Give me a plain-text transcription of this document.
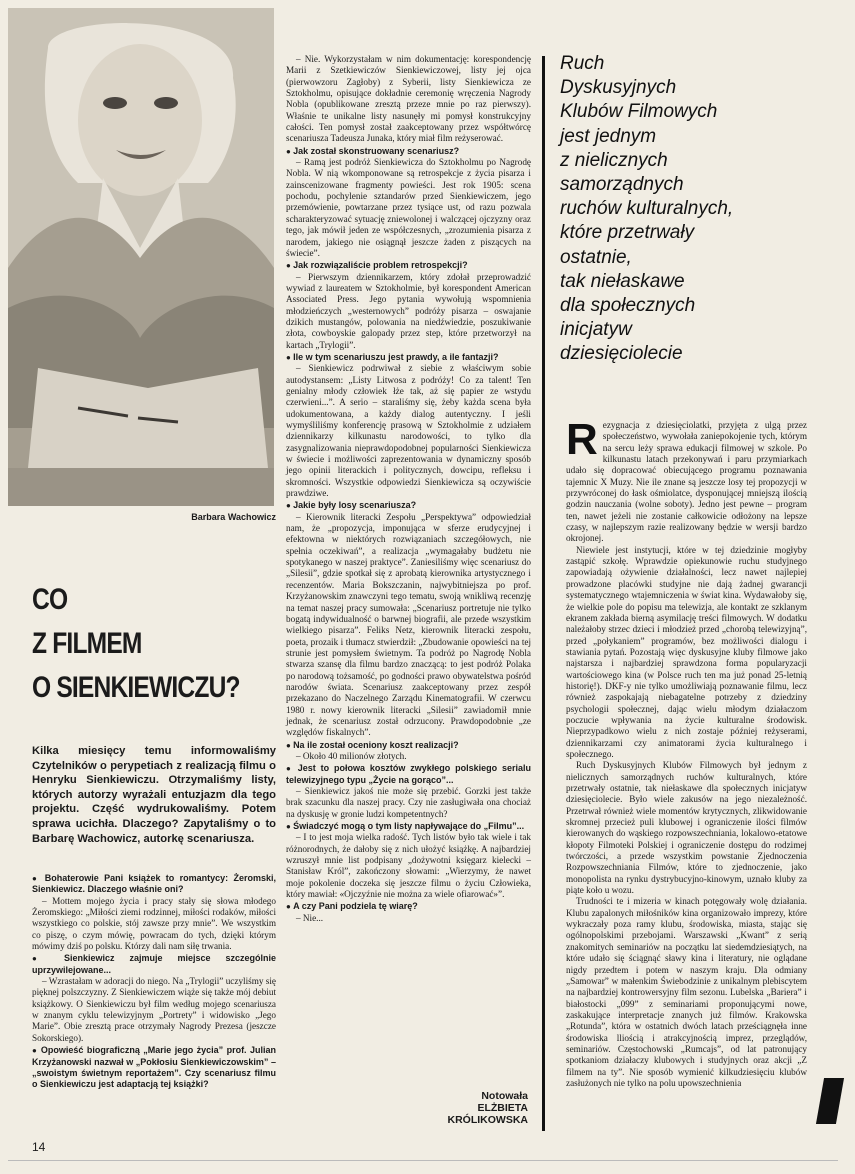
Barbara Wachowicz
CO
Z FILMEM
O SIENKIEWICZU?
Kilka miesięcy temu informowaliśmy Czytelników o perypetiach z realizacją filmu o Henryku Sienkiewiczu. Otrzymaliśmy listy, których autorzy wyrażali entuzjazm dla tego projektu. Część wydrukowaliśmy. Potem sprawa ucichła. Dlaczego? Zapytaliśmy o to Barbarę Wachowicz, autorkę scenariusza.

● Bohaterowie Pani książek to romantycy: Żeromski, Sienkiewicz. Dlaczego właśnie oni?

– Mottem mojego życia i pracy stały się słowa młodego Żeromskiego: „Miłości ziemi rodzinnej, miłości rodaków, miłości wszystkiego co polskie, stój zawsze przy mnie”. We wszystkim co piszę, o czym mówię, powracam do tych, dzięki którym mówimy dziś po polsku. Którzy dali nam siłę trwania.

● Sienkiewicz zajmuje miejsce szczególnie uprzywilejowane...

– Wzrastałam w adoracji do niego. Na „Trylogii” uczyliśmy się pięknej polszczyzny. Z Sienkiewiczem wiąże się także mój debiut książkowy. O Sienkiewiczu był film według mojego scenariusza w znanym cyklu telewizyjnym „Portrety” i widowisko „Jego Marie”. Obie zresztą prace otrzymały Nagrody Prezesa (jeszcze Sokorskiego).

● Opowieść biograficzną „Marie jego życia” prof. Julian Krzyżanowski nazwał w „Pokłosiu Sienkiewiczowskim” – „swoistym świetnym reportażem”. Czy scenariusz filmu o Sienkiewiczu jest adaptacją tej książki?

– Nie. Wykorzystałam w nim dokumentację: korespondencję Marii z Szetkiewiczów Sienkiewiczowej, listy jej ojca (pierwowzoru Zagłoby) z Syberii, listy Sienkiewicza ze Sztokholmu, opisujące dokładnie ceremonię wręczenia Nagrody Nobla (opublikowane zresztą przeze mnie po raz pierwszy). Właśnie te unikalne listy nasunęły mi pomysł konstrukcyjny całości. Ten pomysł został zaakceptowany przez współtwórcę scenariusza Tadeusza Junaka, który miał film reżyserować.

● Jak został skonstruowany scenariusz?

– Ramą jest podróż Sienkiewicza do Sztokholmu po Nagrodę Nobla. W nią wkomponowane są retrospekcje z życia pisarza i zainscenizowane fragmenty powieści. Jest rok 1905: scena pochodu, pochylenie sztandarów przed Sienkiewiczem, jego przemówienie, powtarzane przez tysiące ust, od razu pozwala scharakteryzować sytuację zniewolonej i walczącej ojczyzny oraz tego, jak mówił jeden ze współczesnych, „zrozumienia pisarza z narodem, jakiego nie osiągnął jeszcze żaden z piszących na świecie”.

● Jak rozwiązaliście problem retrospekcji?

– Pierwszym dziennikarzem, który zdołał przeprowadzić wywiad z laureatem w Sztokholmie, był korespondent American Associated Press. Jego pytania wywołują wspomnienia młodzieńczych „westernowych” podróży pisarza – oswajanie dzikich mustangów, polowania na niedźwiedzie, poszukiwanie złota, cowboyskie galopady przez step, które przetworzył na kartach „Trylogii”.

● Ile w tym scenariuszu jest prawdy, a ile fantazji?

– Sienkiewicz podrwiwał z siebie z właściwym sobie autodystansem: „Listy Litwosa z podróży! Co za talent! Ten genialny młody człowiek łże tak, aż się papier ze wstydu czerwieni...”. A serio – staraliśmy się, żeby każda scena była udokumentowana, a każdy dialog autentyczny. I jeśli wymyśliliśmy konferencję prasową w Sztokholmie z udziałem dziennikarzy kilkunastu narodowości, to tylko dla zasygnalizowania nieprawdopodobnej popularności Sienkiewicza w świecie i możliwości zaprezentowania w dynamiczny sposób jego opinii literackich i politycznych, dowcipu, refleksu i skromności. Wszystkie odpowiedzi Sienkiewicza są oczywiście prawdziwe.

● Jakie były losy scenariusza?

– Kierownik literacki Zespołu „Perspektywa” odpowiedział nam, że „propozycja, imponująca w sferze erudycyjnej i efektowna w niektórych rozwiązaniach szczegółowych, nie spełnia oczekiwań”, a realizacja „wymagałaby budżetu nie spotykanego w naszej praktyce”. Zaniesiliśmy więc scenariusz do „Silesii”, gdzie spotkał się z aprobatą kierownika artystycznego i recenzentów. Maria Bokszczanin, najwybitniejsza po prof. Krzyżanowskim znawczyni tego tematu, swoją wnikliwą recenzję na temat naszej pracy sumowała: „Scenariusz portretuje nie tylko bogatą indywidualność o barwnej biografii, ale przede wszystkim wielkiego pisarza”. Feliks Netz, kierownik literacki zespołu, poeta, prozaik i tłumacz stwierdził: „Zbudowanie opowieści na tej strunie jest pomysłem świetnym. Ta podróż po Nagrodę Nobla stwarza szansę dla filmu bardzo znaczącą: to jest podróż Polaka po narodową tożsamość, po godności prawo obywatelstwa pośród narodów świata. Scenariusz zaakceptowany przez zespół przekazano do Naczelnego Zarządu Kinematografii. W czerwcu 1980 r. nowy kierownik literacki „Silesii” zawiadomił mnie jednak, że scenariusz został odrzucony. Prawdopodobnie „ze względów fiskalnych”.

● Na ile został oceniony koszt realizacji?

– Około 40 milionów złotych.

● Jest to połowa kosztów zwykłego polskiego serialu telewizyjnego typu „Życie na gorąco”...

– Sienkiewicz jakoś nie może się przebić. Gorzki jest także brak szacunku dla naszej pracy. Czy nie zasługiwała ona chociaż na dyskusję w gronie ludzi kompetentnych?

● Świadczyć mogą o tym listy napływające do „Filmu”...

– I to jest moja wielka radość. Tych listów było tak wiele i tak różnorodnych, że dałoby się z nich ułożyć książkę. A najbardziej wzruszył mnie list podpisany „dożywotni księgarz kielecki – Stanisław Król”, zakończony słowami: „Wierzymy, że nawet moje pokolenie doczeka się jeszcze filmu o życiu Człowieka, który mawiał: «Ojczyźnie nie można za wiele ofiarować»”.

● A czy Pani podziela tę wiarę?

– Nie...

Notowała
ELŻBIETA
KRÓLIKOWSKA
Ruch
Dyskusyjnych
Klubów Filmowych
jest jednym
z nielicznych
samorządnych
ruchów kulturalnych,
które przetrwały
ostatnie,
tak niełaskawe
dla społecznych
inicjatyw
dziesięciolecie

Rezygnacja z dziesięciolatki, przyjęta z ulgą przez społeczeństwo, wywołała zaniepokojenie tych, którym na sercu leży sprawa edukacji filmowej w szkole. Po kilkunastu latach przekonywań i paru przymiarkach udało się dopracować obiecującego programu poznawania tajemnic X Muzy. Nie ile znane są jeszcze losy tej propozycji w przywróconej do łask ośmiolatce, dysponującej mniejszą ilością godzin nauczania (wolne soboty). Jedno jest pewne – program ten, nawet jeżeli nie zostanie całkowicie odłożony na lepsze czasy, w najlepszym razie realizowany będzie w wersji bardzo okrojonej.

Niewiele jest instytucji, które w tej dziedzinie mogłyby zastąpić szkołę. Wprawdzie opiekunowie ruchu studyjnego zapowiadają ożywienie działalności, lecz nawet najlepiej prowadzone placówki studyjne nie dają żadnej gwarancji systematycznego wtajemniczenia w świat kina. Wydawałoby się, że wielkie pole do popisu ma telewizja, ale kontakt ze szklanym ekranem zakłada bierną asymilację treści filmowych. W dodatku należałoby strzec dzieci i młodzież przed „chorobą telewizyjną”, przed „połykaniem” programów, bez możliwości dialogu i stawiania pytań. Pozostają więc dyskusyjne kluby filmowe jako najstarsza i najbardziej sprawdzona forma popularyzacji wartościowego kina (w Polsce ruch ten ma już ponad 25-letnią historię!). DKF-y nie tylko umożliwiają poznawanie filmu, lecz również zaspokajają niebagatelne potrzeby z dziedziny psychologii społecznej, dając wielu młodym działaczom poczucie wpływania na życie kulturalne środowisk. Nieprzypadkowo wielu z nich zostaje później reżyserami, dziennikarzami czy animatorami życia kulturalnego i społecznego.

Ruch Dyskusyjnych Klubów Filmowych był jednym z nielicznych samorządnych ruchów kulturalnych, które przetrwały ostatnie, tak niełaskawe dla społecznych inicjatyw dziesięciolecie. Było wiele zakusów na jego niezależność. Przetrwał również wiele momentów krytycznych, zlikwidowanie skromnej przecież puli klubowej i ograniczenie ilości filmów kierowanych do wąskiego rozpowszechniania, lokalowo-etatowe kłopoty Filmoteki Polskiej i ograniczenie dostępu do rodzimej twórczości, a przede wszystkim powstanie Zjednoczenia Rozpowszechniania Filmów, które to zjednoczenie, jako monopolista na rynku dystrybucyjno-kinowym, uznało kluby za piąte koło u wozu.

Trudności te i mizeria w kinach potęgowały wolę działania. Klubu zapalonych miłośników kina organizowało imprezy, które wykraczały poza ramy klubu, środowiska, miasta, stając się ogólnopolskimi przebojami. Warszawski „Kwant” z serią znakomitych seminariów na początku lat siedemdziesiątych, na które udało się ściągnąć sławy kina i literatury, nie oglądane nigdy przedtem i potem w naszym kraju. Dla odmiany „Samowar” w małenkim Świebodzinie z unikalnym plebiscytem na najbardziej kontrowersyjny film sezonu. Lubelska „Bariera” i białostocki „099” z seminariami proponującymi nowe, zaskakujące interpretacje znanych już filmów. Krakowska „Rotunda”, która w ostatnich dwóch latach prześciągnęła inne środowiska lliością i atrakcyjnością imprez, przeglądów, seminariów. Częstochowski „Rumcajs”, od lat patronujący spotkaniom działaczy klubowych i studyjnych oraz akcji „Z filmem na ty”. Nie sposób wymienić kilkudziesięciu klubów zasłużonych nie tylko na polu upowszechnienia

14
